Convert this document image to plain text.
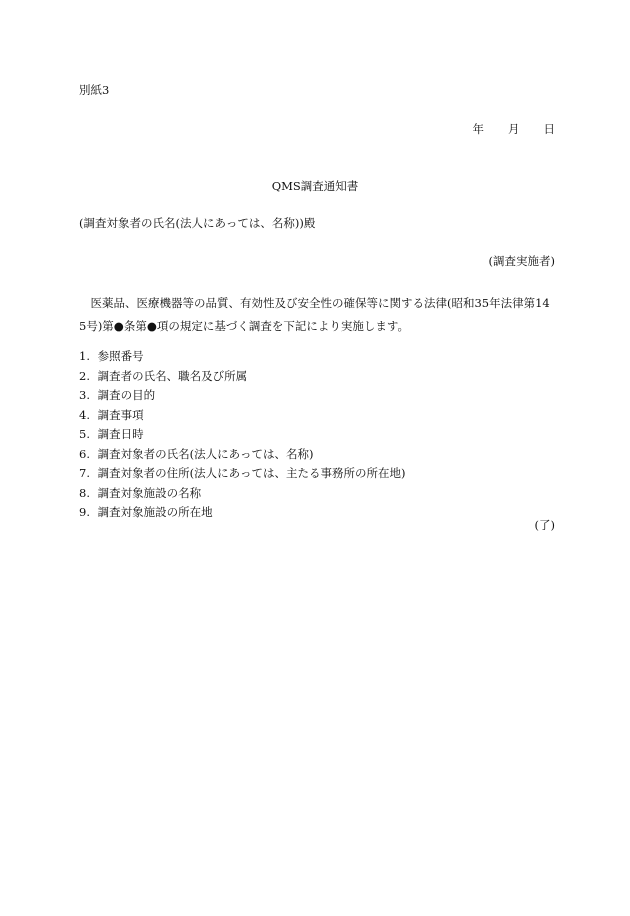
別紙3
年 月 日
QMS調査通知書
(調査対象者の氏名(法人にあっては、名称))殿
(調査実施者)
医薬品、医療機器等の品質、有効性及び安全性の確保等に関する法律(昭和35年法律第145号)第●条第●項の規定に基づく調査を下記により実施します。
1. 参照番号
2. 調査者の氏名、職名及び所属
3. 調査の目的
4. 調査事項
5. 調査日時
6. 調査対象者の氏名(法人にあっては、名称)
7. 調査対象者の住所(法人にあっては、主たる事務所の所在地)
8. 調査対象施設の名称
9. 調査対象施設の所在地
(了)
